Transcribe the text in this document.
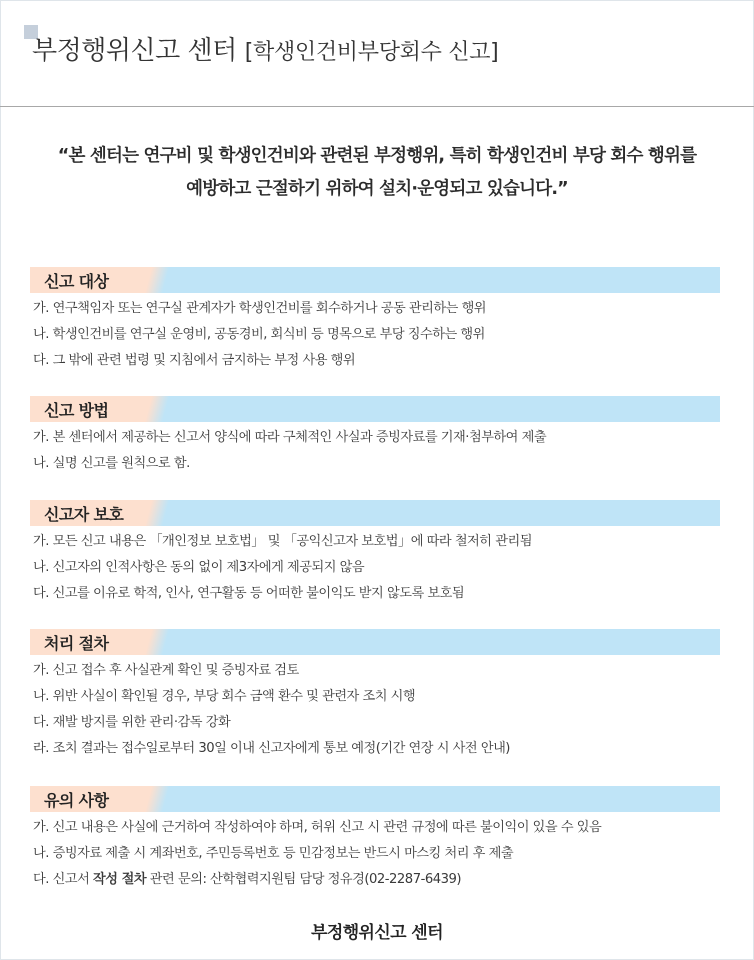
부정행위신고 센터 [학생인건비부당회수 신고]
“본 센터는 연구비 및 학생인건비와 관련된 부정행위, 특히 학생인건비 부당 회수 행위를
예방하고 근절하기 위하여 설치·운영되고 있습니다.”
신고 대상
가. 연구책임자 또는 연구실 관계자가 학생인건비를 회수하거나 공동 관리하는 행위
나. 학생인건비를 연구실 운영비, 공동경비, 회식비 등 명목으로 부당 징수하는 행위
다. 그 밖에 관련 법령 및 지침에서 금지하는 부정 사용 행위
신고 방법
가. 본 센터에서 제공하는 신고서 양식에 따라 구체적인 사실과 증빙자료를 기재·첨부하여 제출
나. 실명 신고를 원칙으로 함.
신고자 보호
가. 모든 신고 내용은 「개인정보 보호법」 및 「공익신고자 보호법」에 따라 철저히 관리됨
나. 신고자의 인적사항은 동의 없이 제3자에게 제공되지 않음
다. 신고를 이유로 학적, 인사, 연구활동 등 어떠한 불이익도 받지 않도록 보호됨
처리 절차
가. 신고 접수 후 사실관계 확인 및 증빙자료 검토
나. 위반 사실이 확인될 경우, 부당 회수 금액 환수 및 관련자 조치 시행
다. 재발 방지를 위한 관리·감독 강화
라. 조치 결과는 접수일로부터 30일 이내 신고자에게 통보 예정(기간 연장 시 사전 안내)
유의 사항
가. 신고 내용은 사실에 근거하여 작성하여야 하며, 허위 신고 시 관련 규정에 따른 불이익이 있을 수 있음
나. 증빙자료 제출 시 계좌번호, 주민등록번호 등 민감정보는 반드시 마스킹 처리 후 제출
다. 신고서 작성 절차 관련 문의: 산학협력지원팀 담당 정유경(02-2287-6439)
부정행위신고 센터
